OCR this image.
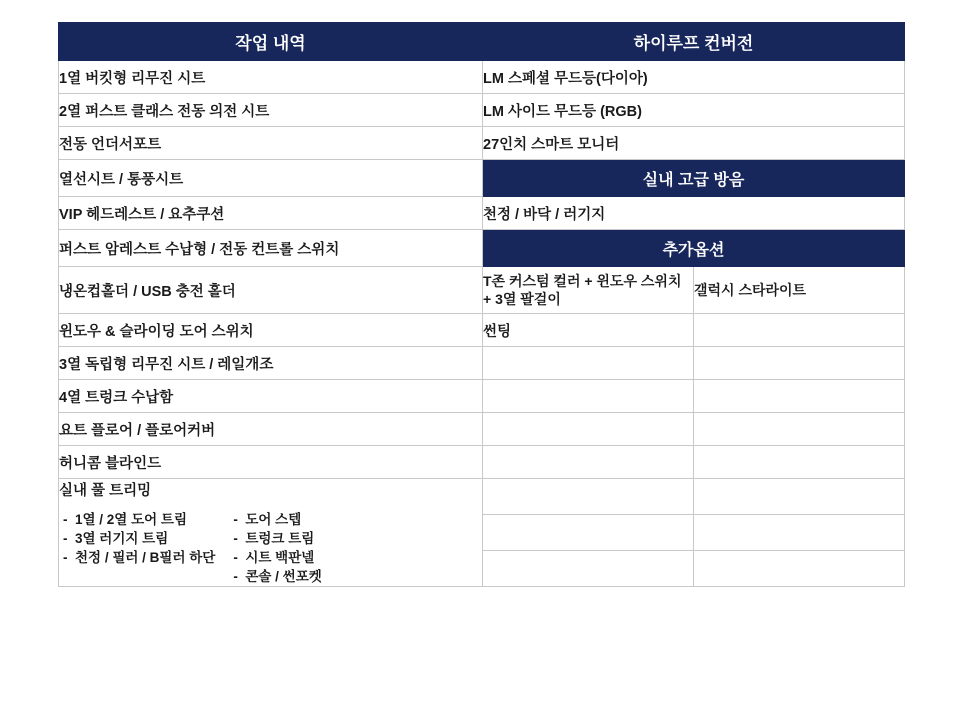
작업 내역	하이루프 컨버전	
1열 버킷형 리무진 시트	LM 스페셜 무드등(다이아)	
2열 퍼스트 클래스 전동 의전 시트	LM 사이드 무드등 (RGB)	
전동 언더서포트	27인치 스마트 모니터	
열선시트 / 통풍시트	실내 고급 방음	
VIP 헤드레스트 / 요추쿠션	천정 / 바닥 / 러기지	
퍼스트 암레스트 수납형 / 전동 컨트롤 스위치	추가옵션	
냉온컵홀더 / USB 충전 홀더	T존 커스텀 컬러 + 윈도우 스위치 + 3열 팔걸이	갤럭시 스타라이트
윈도우 & 슬라이딩 도어 스위치	썬팅	
3열 독립형 리무진 시트 / 레일개조		
4열 트렁크 수납함		
요트 플로어 / 플로어커버		
허니콤 블라인드		

실내 풀 트리밍
- 1열 / 2열 도어 트림
- 3열 러기지 트림
- 천정 / 필러 / B필러 하단
- 도어 스텝
- 트렁크 트림
- 시트 백판넬
- 콘솔 / 썬포켓
